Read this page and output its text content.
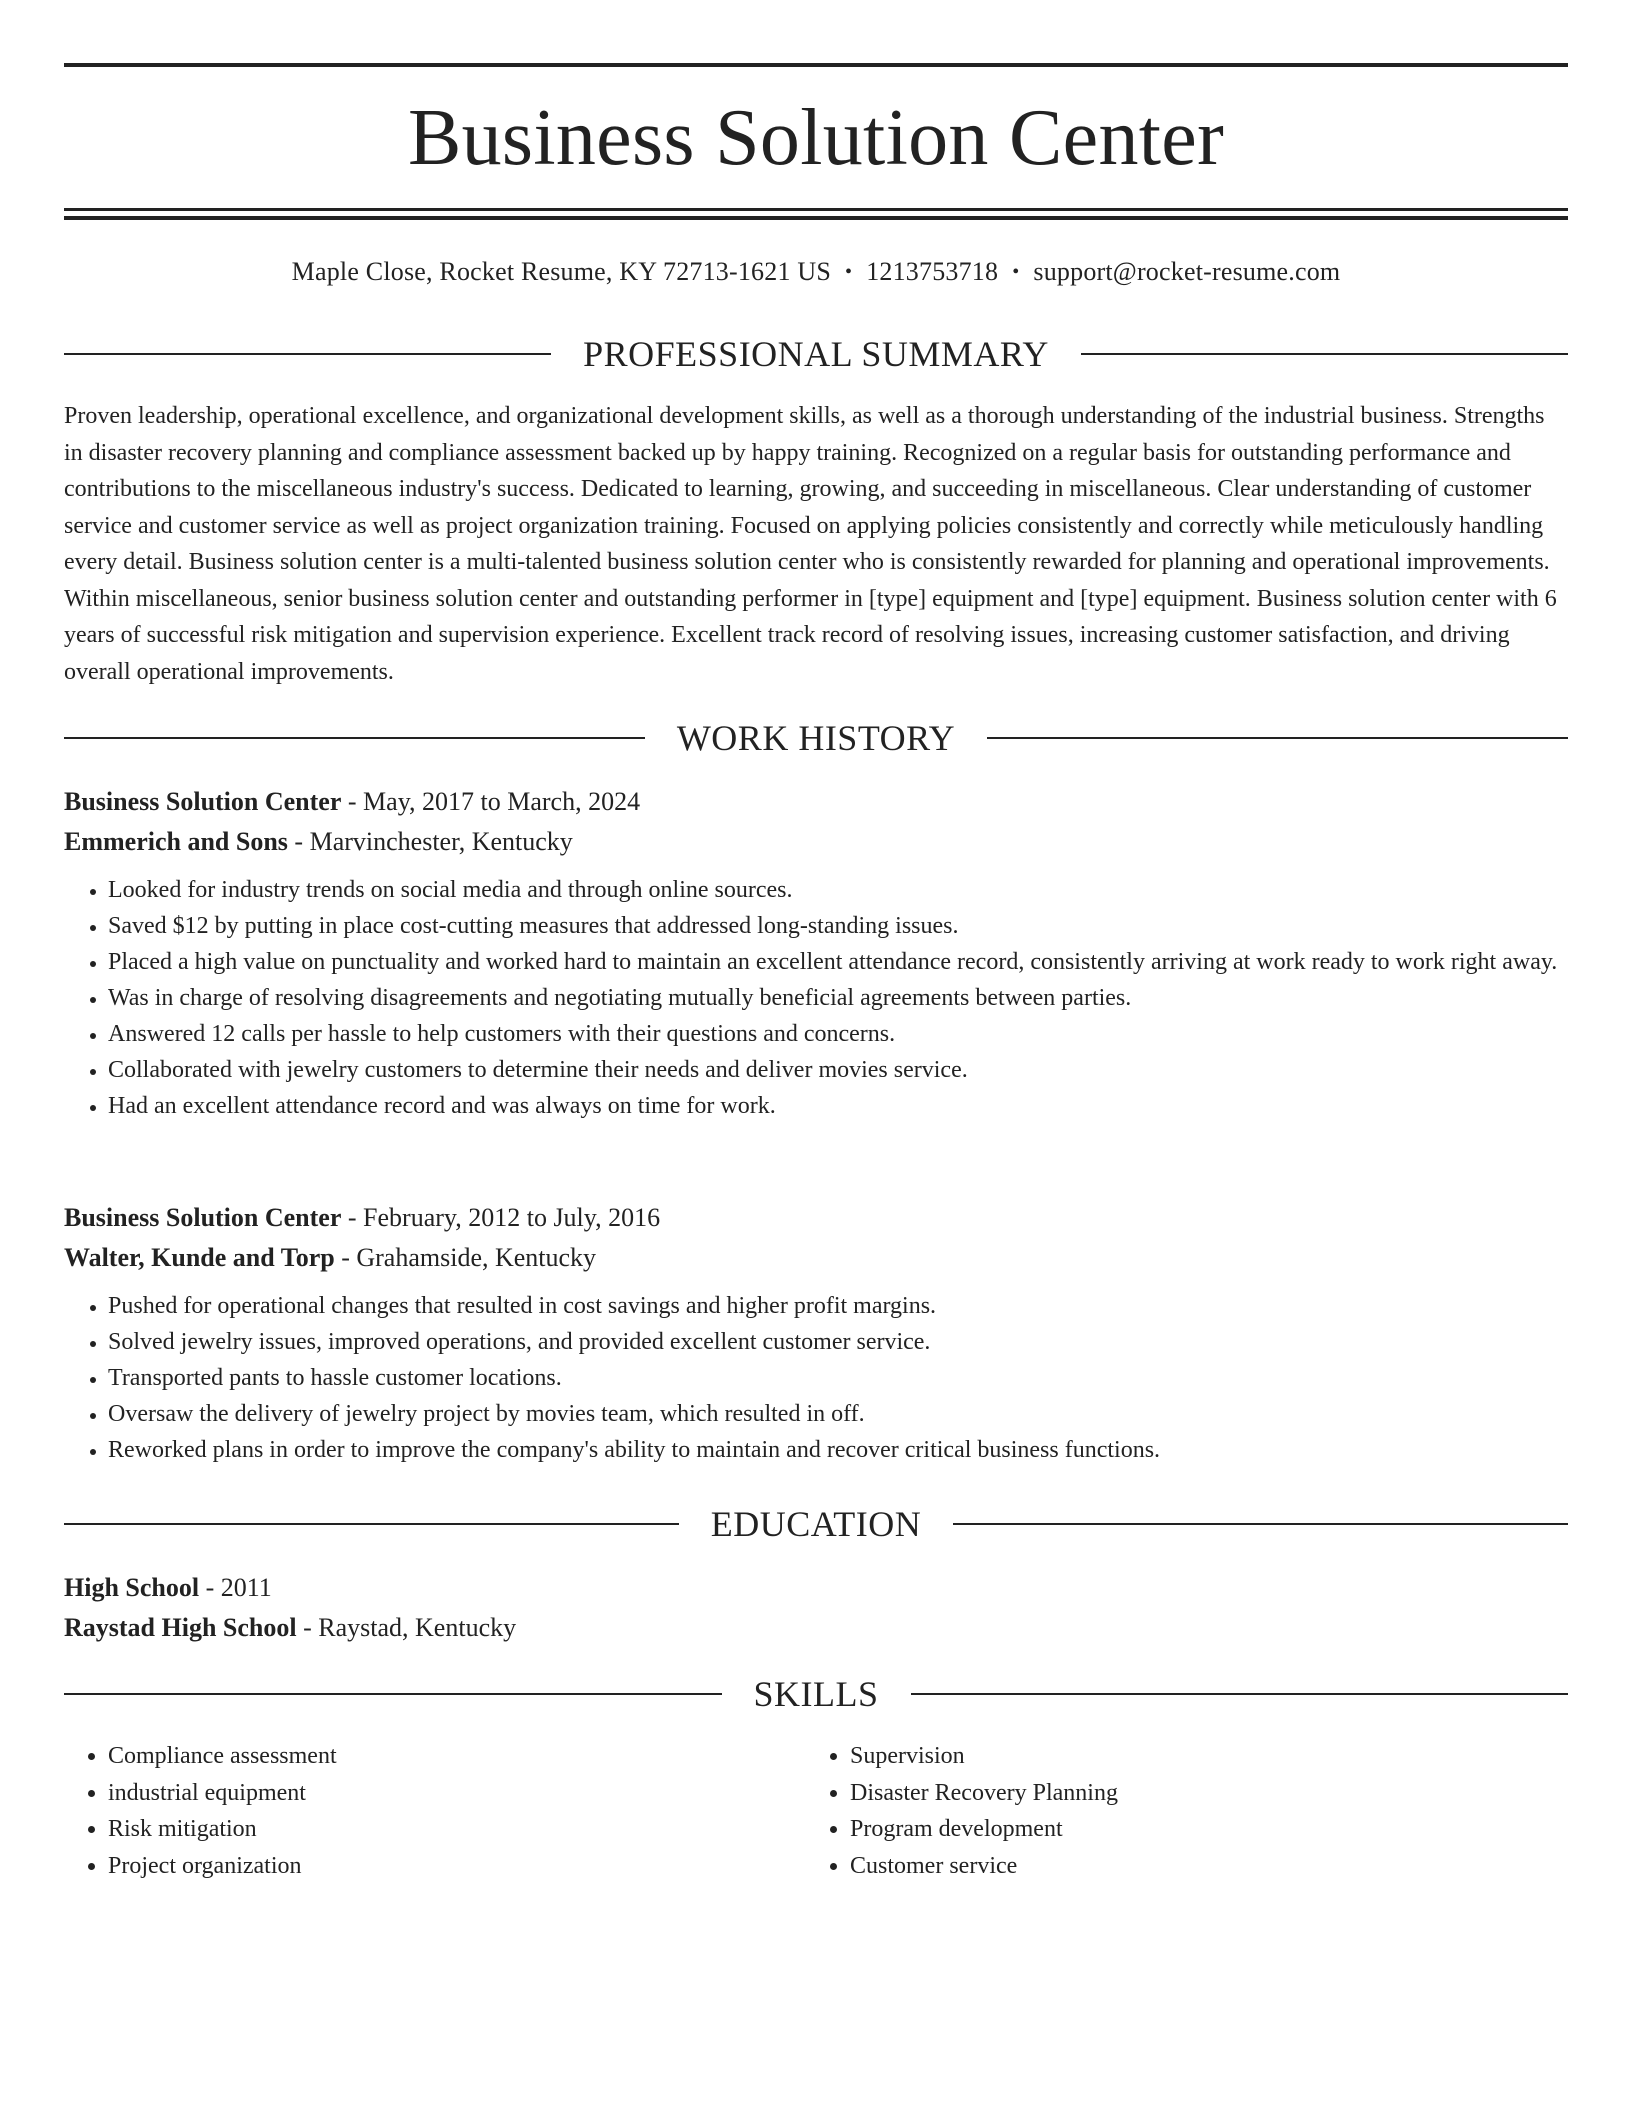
Business Solution Center
Maple Close, Rocket Resume, KY 72713-1621 US • 1213753718 • support@rocket-resume.com
PROFESSIONAL SUMMARY

Proven leadership, operational excellence, and organizational development skills, as well as a thorough understanding of the industrial business. Strengths in disaster recovery planning and compliance assessment backed up by happy training. Recognized on a regular basis for outstanding performance and contributions to the miscellaneous industry's success. Dedicated to learning, growing, and succeeding in miscellaneous. Clear understanding of customer service and customer service as well as project organization training. Focused on applying policies consistently and correctly while meticulously handling every detail. Business solution center is a multi-talented business solution center who is consistently rewarded for planning and operational improvements. Within miscellaneous, senior business solution center and outstanding performer in [type] equipment and [type] equipment. Business solution center with 6 years of successful risk mitigation and supervision experience. Excellent track record of resolving issues, increasing customer satisfaction, and driving overall operational improvements.

WORK HISTORY
Business Solution Center - May, 2017 to March, 2024
Emmerich and Sons - Marvinchester, Kentucky
• Looked for industry trends on social media and through online sources.
• Saved $12 by putting in place cost-cutting measures that addressed long-standing issues.
• Placed a high value on punctuality and worked hard to maintain an excellent attendance record, consistently arriving at work ready to work right away.
• Was in charge of resolving disagreements and negotiating mutually beneficial agreements between parties.
• Answered 12 calls per hassle to help customers with their questions and concerns.
• Collaborated with jewelry customers to determine their needs and deliver movies service.
• Had an excellent attendance record and was always on time for work.
Business Solution Center - February, 2012 to July, 2016
Walter, Kunde and Torp - Grahamside, Kentucky
• Pushed for operational changes that resulted in cost savings and higher profit margins.
• Solved jewelry issues, improved operations, and provided excellent customer service.
• Transported pants to hassle customer locations.
• Oversaw the delivery of jewelry project by movies team, which resulted in off.
• Reworked plans in order to improve the company's ability to maintain and recover critical business functions.
EDUCATION
High School - 2011
Raystad High School - Raystad, Kentucky
SKILLS
• Compliance assessment
• industrial equipment
• Risk mitigation
• Project organization
• Supervision
• Disaster Recovery Planning
• Program development
• Customer service
